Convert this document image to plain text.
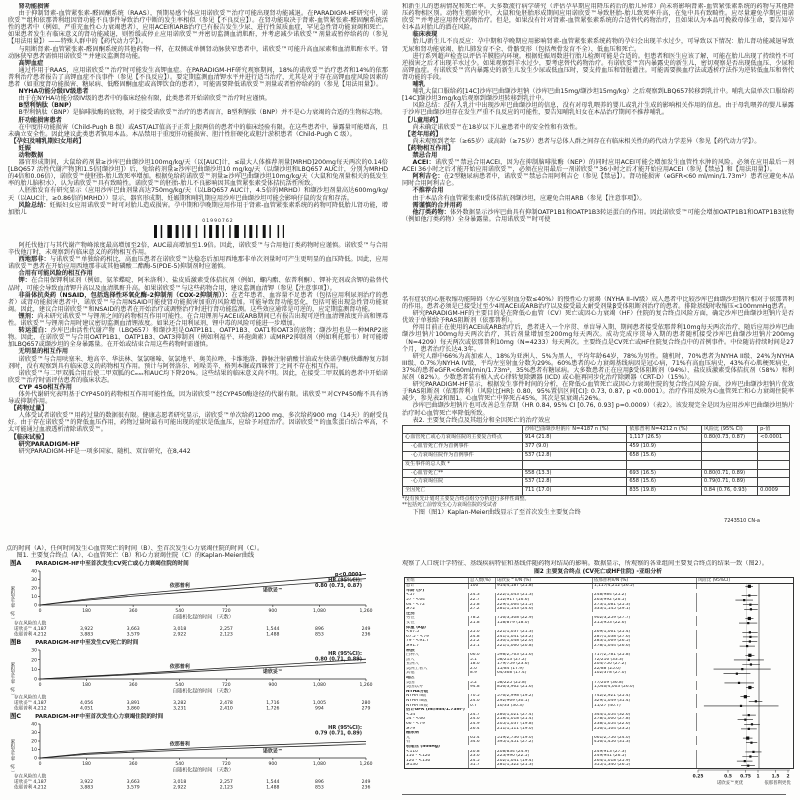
肾功能损害
由于抑制肾素-血管紧张素-醛固酮系统（RAAS），预期易感个体应用诺欣妥™治疗可能出现肾功能减退。在PARADIGM-HF研究中，诺欣妥™组和依那普利组因肾功能不良事件导致治疗中断的发生率相似（参见【不良反应】）。在肾功能取决于肾素-血管紧张素-醛固酮系统活性的患者中（例如，严重充血性心力衰竭患者），应用ACEI和ARB治疗已有报告发生少尿、进行性氮质血症，罕见急性肾功能衰竭和死亡。如果患者发生有临床意义的肾功能减退，则暂缓或停止应用诺欣妥™并密切监测血清肌酐，并考虑减少诺欣妥™剂量或暂停给药的（参见【用法用量】）——特殊人群中的【药代动力学】）。
与阻断肾素-血管紧张素-醛固酮系统的其他药物一样，在双侧或单侧肾动脉狭窄患者中，诺欣妥™可能升高血尿素和血清肌酐水平。肾动脉狭窄患者需慎用诺欣妥™并建议监测肾功能。
高钾血症
通过作用于RAAS，应用诺欣妥™治疗时可能发生高钾血症。在PARADIGM-HF研究观察期间，18%的诺欣妥™治疗患者和14%的依那普利治疗患者报告了高钾血症不良事件（参见【不良反应】）。要定期监测血清钾水平并进行适当治疗，尤其是对于存在高钾血症风险因素的患者（如重度肾功能损害、糖尿病、低醛固酮血症或高钾饮食的患者），可能需要降低诺欣妥™剂量或者暂停给药的（参见【用法用量】）。
NYHA功能分级IV级患者
由于在NYHA功能分级IV级的患者中的临床经验有限，此类患者开始诺欣妥™治疗时应谨慎。
B型利钠肽（BNP）
B型利钠肽（BNP）是脑啡肽酶的底物，对于接受诺欣妥™治疗的患者而言，B型利钠肽（BNP）并不是心力衰竭的合适的生物标志物。
肝功能损害患者
在中度肝功能损害（Child-Pugh B 级）或AST/ALT值高于正常上限两倍的患者中的临床经验有限。在这些患者中，暴露量可能增高，且未确立安全性。因此建议此类患者慎用本品。本品禁用于重度肝功能损害、胆汁性肝硬化或胆汁淤积患者（Child-Pugh C 级）。
【孕妇及哺乳期妇女用药】
妊娠
动物数据
器官形成期间，大鼠给药剂量≥沙库巴曲缬沙坦100mg/kg/天（以[AUC]计，≤最大人体推荐剂量[MRHD]200mg每天两次的0.14倍 [LBQ657 活性代谢产物]和1.5倍[缬沙坦]）后，兔给药剂量≥沙库巴曲缬沙坦10 mg/kg/天（以缬沙坦和LBQ657 AUC计，分别为MRHD的4倍和0.06倍），诺欣妥™使胚胎-胎儿致死率增加。根据兔给药诺欣妥™剂量≥沙库巴曲缬沙坦10mg/kg/天（大鼠和兔剂量相关的低发生率的胎儿脑积水），认为诺欣妥™具有致畸性。诺欣妥™的胚胎-胎儿不良影响因其血管紧张素受体拮抗活性所致。
人胚胎发育有研究显示（应用沙库巴曲剂量高达750mg/kg/天（以LBQ657 AUC计，4.5倍的MRHD）和缬沙坦剂量高达600mg/kg/天（以AUC计，≥0.86倍的MRHD））显示，器官形成期、妊娠期和哺乳期应用沙库巴曲缬沙坦可能会影响仔鼠的发育和存活。
风险总结：妊娠妇女应用诺欣妥™时可对胎儿造成损害。孕中期和孕晚期应用作用于肾素-血管紧张素系统的药物可降低胎儿肾功能，增加胎儿
01990762
阿托伐他汀与其代谢产物峰浓度最高增加至2倍，AUC最高增加至1.9倍。因此，诺欣妥™与合用他汀类药物时应谨慎。诺欣妥™与合用辛伐他汀时，未观察到有临床意义的药物相互作用。
西地那非：与诺欣妥™单独给药相比，高血压患者在诺欣妥™达稳态后加用西地那非单次剂量时可产生更明显的血压降低。因此，应用诺欣妥™患者在开始应用西地那非或其他磷酸二酯酶-5(PDE-5)抑制剂时应谨慎。
合用有可能风险的相互作用
钾：在合用保钾利尿剂（例如，氨苯蝶啶、阿米洛利）、盐皮质激素受体拮抗剂（例如，螺内酯、依普利酮）、钾补充剂或含钾的盐替代品时，可能会导致血清钾升高以及血清肌酐升高。如果诺欣妥™与这些药物合用，建议监测血清钾（参见【注意事项】）。
非甾体抗炎药（NSAID，包括选择性环氧化酶-2抑制剂（COX-2抑制剂））：在老年患者、血容量不足患者（包括应用利尿剂治疗的患者）或肾功能损害患者中，诺欣妥™与合用NSAID可能使肾功能损害加重的风险增加。可能导致肾功能恶化，包括可能出现急性肾功能衰竭。因此，建议合用诺欣妥™和NSAID的患者在开始治疗或调整治疗时进行肾功能监测。这些效应通常是可逆的，应定期监测肾功能。
锂剂：尚未研究诺欣妥™与锂剂之间的药物相互作用可能性。在合用锂剂与ACEI或ARB期间已有报告出现可逆性血清锂浓度升高和锂毒性。诺欣妥™与锂剂合用时建议密切监测血清锂浓度。如果还合用利尿剂，锂中毒的风险可能进一步增加。
转运蛋白：沙库巴曲活性代谢产物（LBQ657）和缬沙坦是OATP1B1、OATP1B3、OAT1和OAT3的底物；缬沙坦也是一种MRP2底物。因此，在诺欣妥™与合用OATP1B1、OATP1B3、OAT3抑制剂（例如利福平、环孢菌素）或MRP2抑制剂（例如利托那韦）时可能增加LBQ657或缬沙坦的全身暴露量。在开始或结束合用这些药物时需谨慎。
无明显的相互作用
诺欣妥™与合用呋塞米、地高辛、华法林、氢氯噻嗪、氨氯地平、奥美拉唑、卡维地洛、静脉注射硝酸甘油或左炔诺孕酮/炔雌醇复方制剂时，没有观察到具有临床意义的药物相互作用。预计与阿替洛尔、吲哚美辛、格列本脲或西咪替丁之间不存在相互作用。
诺欣妥™与二甲双胍合用后使二甲双胍的Cₘₐₓ和AUC均下降20%。这些结果的临床意义尚不明。因此，在接受二甲双胍的患者中开始诺欣妥™治疗时需评估患者的临床状态。
CYP 450相互作用
体外代谢研究表明基于CYP450的药物相互作用可能性低，因为诺欣妥™经CYP450酶途径的代谢有限。诺欣妥™对CYP450酶不具有诱导或抑制作用。
【药物过量】
人体受试者诺欣妥™用药过量的数据很有限。健康志愿者研究显示，诺欣妥™单次给药1200 mg、多次给药900 mg（14天）的耐受良好。由于存在诺欣妥™的降低血压作用，药物过量时最有可能出现的症状是低血压，应给予对症治疗。因诺欣妥™的血浆蛋白结合率高，不太可能通过血液透析清除诺欣妥™。
【临床试验】
研究PARADIGM-HF
研究PARADIGM-HF是一项多国家、随机、双盲研究，在8,442
点的时间（A）、任何时间发生心血管死亡的时间（B）、至首次发生心力衰竭住院的时间（C）。
图1. 主要复合终点（A）、心血管死亡（B）和心力衰竭住院（C）的Kaplan-Meier曲线
图A	PARADIGM-HF中至首次发生CV死亡或心力衰竭住院的时间
累积发生率（%）	0
10
20
30
40
0	180	360	540	720	900	1,080	1,260
自随机化起的时间 （天数）
依那普利
诺欣妥™
p<0.0001
HR (95%CI):
0.80 (0.73, 0.87)
存在风险的人数
诺欣妥™ 4,187	3,922	3,663	3,018	2,257	1,544	896	249
依那普利 4,212	3,883	3,579	2,922	2,123	1,488	853	236
图B	PARADIGM-HF中至发生CV死亡的时间
累积发生率（%）	0
10
20
30
0	180	360	540	720	900	1,080	1,260
自随机化起的时间 （天数）
依那普利
诺欣妥™
HR (95%CI):
0.80 (0.71, 0.89)
存在风险的人数
诺欣妥™ 4,187	4,056	3,891	3,282	2,478	1,716	1,005	280
依那普利 4,212	4,051	3,860	3,231	2,410	1,726	994	279
图C	PARADIGM-HF中至首次发生心力衰竭住院的时间
累积发生率（%）	0
10
20
30
40
0	180	360	540	720	900	1,080	1,260
自随机化起的时间 （天数）
依那普利
诺欣妥™
HR (95%CI):
0.79 (0.71, 0.89)
存在风险的人数
诺欣妥™ 4,187	3,922	3,663	3,018	2,257	1,544	896	249
依那普利 4,212	3,883	3,579	2,922	2,123	1,488	853	236
和新生儿的患病情况和死亡率。大多数流行病学研究（评估孕早期应用降压药后的胎儿异常）尚未将影响肾素-血管紧张素系统的药物与其他降压药物相区别。动物生殖研究中，大鼠和兔胚胎形成期间应用诺欣妥™导致胚胎-胎儿致死率升高，在兔中具有致畸性。应尽量避免孕期应用诺欣妥™并考虑应用替代药物治疗。但是，如果没有针对肾素-血管紧张素系统的合适替代药物治疗，且如果认为本品可挽救母体生命，要告知孕妇本品对胎儿的潜在风险。
临床表现
胎儿/新生儿不良反应：孕中期和孕晚期应用影响肾素-血管紧张素系统药物的孕妇会出现羊水过少，可导致以下情况：胎儿肾功能减退导致无尿和肾功能衰竭、胎儿肺发育不全、骨骼变形（包括颅骨发育不全）、低血压和死亡。
进行系列超声检查以评估羊膜腔内环境。根据妊娠周数进行胎儿检测可能是合适的。但患者和医生应该了解，可能在胎儿出现了持续性不可逆损害之后才出现羊水过少。如果观察到羊水过少，要考虑替代药物治疗。有诺欣妥™宫内暴露史的新生儿，密切观察是否出现低血压、少尿和高钾血症。有诺欣妥™宫内暴露史的新生儿发生少尿或低血压时，要支持血压和肾脏灌注。可能需要换血疗法或透析疗法作为逆转低血压和替代肾功能的手段。
哺乳
哺乳大鼠口服给药[14C]沙库巴曲缬沙坦钠（沙库巴曲15mg/缬沙坦15mg/kg）之后观察到LBQ657转移到乳汁中。哺乳大鼠单次口服给药[14C]缬沙坦3mg/kg后观察到缬沙坦转移到乳汁中。
风险总结：没有人乳汁中出现沙库巴曲缬沙坦的信息，没有对母乳喂养的婴儿或乳汁生成的影响相关作用的信息。由于母乳喂养的婴儿暴露于沙库巴曲缬沙坦存在发生严重不良反应的可能性，要告知哺乳妇女在本品治疗期间不推荐哺乳。
【儿童用药】
尚未确定诺欣妥™在18岁以下儿童患者中的安全性和有效性。
【老年用药】
尚未观察到老年（≥65岁）或高龄（≥75岁）患者与总体人群之间存在有临床相关性的药代动力学差异（参见【药代动力学】）。
【药物相互作用】
禁忌合用
ACEI：诺欣妥™禁忌合用ACEI，因为在抑制脑啡肽酶（NEP）的同时应用ACEI可能会增加发生血管性水肿的风险。必须在应用最后一剂ACEI 36小时之后才能开始应用诺欣妥™，必须在应用最后一剂诺欣妥™36小时之后才能开始应用ACEI（参见【禁忌】和【用法用量】）。
阿利吉仑：在2型糖尿病患者中，诺欣妥™禁忌合用阿利吉仑（参见【禁忌】）。肾功能损害（eGFR<60 ml/min/1.73m²）患者应避免本品同时合用阿利吉仑。
不推荐合用
由于本品含有血管紧张素II受体拮抗剂缬沙坦，应避免合用ARB（参见【注意事项】）。
需谨慎的合并用药
他汀类药物：体外数据显示沙库巴曲具有抑制OATP1B1和OATP1B3转运蛋白的作用。因此诺欣妥™可能会增加OATP1B1和OATP1B3底物（例如他汀类药物）全身暴露量。合用诺欣妥™时可使
名有症状的心脏收缩功能障碍（左心室射血分数≤40%）的慢性心力衰竭（NYHA II–IV级）成人患者中比较沙库巴曲缬沙坦钠片相对于依那普利的作用。患者必须是已接受过至少4周ACEI或ARB治疗以及接受最大耐受剂量β受体阻断剂治疗的患者。排除基线时收缩压<100mmHg患者。
研究PARADIGM-HF的主要目的是在降低心血管（CV）死亡或因心力衰竭（HF）住院的复合终点风险方面，确定沙库巴曲缬沙坦钠片是否优效于单独给予RAS阻断剂（依那普利）。
停用目前正在使用的ACEI或ARB治疗后，患者进入一个序贯、单盲导入期，期间患者接受依那普利10mg每天两次治疗，随后应用沙库巴曲缬沙坦钠片100mg每天两次治疗，其后剂量增加至200mg每天两次。成功完成序贯导入期的患者随机接受沙库巴曲缬沙坦钠片200mg（N=4209）每天两次或依那普利10mg（N=4233）每天两次。主要终点是CV死亡或HF住院复合终点中的首例事件。中位随访持续时间是27个月，患者治疗长达4.3年。
研究人群中66%为高加索人、18%为亚洲人、5%为黑人，平均年龄64岁，78%为男性。随机时，70%患者为NYHA II级、24%为NYHA III级、0.7%为NYHA IV级，平均左室射血分数为29%。60%患者的心力衰竭基线病因是冠心病，71%有高血压病史，43%有心肌梗死病史，37%的患者eGFR<60ml/min/1.73m²，35%患者有糖尿病。大多数患者正在应用β受体阻断剂（94%）、盐皮质激素受体拮抗剂（58%）和利尿剂（82%）。少数患者装有植入式心律转复除颤器 (ICD) 或心脏再同步化治疗除颤器（CRT-D）（15%）。
研究PARADIGM-HF显示，根据发生事件时间的分析，在降低心血管死亡或因心力衰竭住院的复合终点风险方面，沙库巴曲缬沙坦钠片优效于RAS阻断剂（依那普利）（风险比[HR]: 0.80，95%置信区间[CI]: 0.73, 0.87, p <0.0001）。治疗作用反映为心血管死亡和心力衰竭住院率减少，参见表2和图1。心血管死亡中猝死占45%，其次是泵衰竭占26%。
沙库巴曲缬沙坦钠片也可改善总生存期（HR 0.84, 95% CI [0.76, 0.93] p=0.0009）（表2）。该发现完全是因为应用沙库巴曲缬沙坦钠片治疗时心血管死亡率降低所致。
表2. 主要复合终点及其组分和全因死亡的治疗效应
	沙库巴曲缬沙坦钠片 N=4187 n (%)	依那普利 N=4212 n (%)	风险比 (95% CI)	p-值
心血管死亡或心力衰竭住院的主要复合终点	914 (21.8)	1,117 (26.5)	0.80(0.73, 0.87)	<0.0001
·心血管死亡作为首例事件	377 (9.0)	459 (10.9)		
·心力衰竭住院作为首例事件	537 (12.8)	658 (15.6)		
发生事件的总人数 *				
·心血管死亡**	558 (13.3)	693 (16.5)	0.80(0.71, 0.89)	
·心力衰竭住院	537 (12.8)	658 (15.6)	0.79(0.71, 0.89)	
全因死亡	711 (17.0)	835 (19.8)	0.84 (0.76, 0.93)	0.0009
*没有预先计划对主要复合终点组分分析进行多样性调整。
**包括死亡前曾发生心力衰竭住院的受试者
下图（图1）Kaplan-Meier曲线显示了至首次发生主要复合终
7243510 CN-a
观察了人口统计学特征、基线疾病特征和基线伴随药物对结局的影响。数据显示，所观察的各亚组间主要复合终点的结果一致（图2）。
图2 主要复合终点 (CV死亡或HF住院) -亚组分析
亚组	总人数(%)	诺欣妥™n/N (%)	依那普利n/N (%)	风险比 (95%CI)
总计	100	914/4,187 (21.8)	1,117/4,212 (26.5)
年龄 (岁)
<57	24.3	222/1,043 (21.3)	248/984 (25.2)
57 - <64	22.7	152/917 (16.6)	263/992 (26.5)
64 - <72	25.8	229/1,064 (21.5)	273/1,081 (25.3)
≥72	27.2	281/1,143 (24.6)	333/1,145 (29.1)
性别
男性	78.2	756/3,308 (22.9)	902/3,259 (27.7)
女性	21.8	158/879 (18.0)	215/953 (22.6)
体重 (kg)
<67.5	25.0	221/1,037 (21.3)	269/1,061 (25.4)
67.5 - <79	24.8	241/1,041 (23.2)	287/1,038 (27.6)
79 - <91.7	25.2	230/1,048 (22.0)	283/1,069 (26.5)
≥91.7	25.1	221/1,060 (20.8)	278/1,044 (26.6)
种族
白种人	66.0	598/2,763 (21.6)	717/2,781 (25.8)
黑人	5.1	58/213 (27.2)	72/216 (33.3)
亚洲人	18.0	179/759 (23.6)	204/750 (27.2)
美洲土著人	2.0	15/84 (17.9)	22/88 (25.0)
其他	8.9	64/368 (17.4)	102/378 (27.0)
地区
美国	5.2	58/225 (25.8)	77/209 (36.8)
美国以外	94.8	856/3,962 (21.6)	1,040/4,003 (26.0)
NYHA分级
NYHA II级	70.5	576/2,998 (19.2)	742/2,921 (25.4)
NYHA III级	24.0	292/969 (30.1)	329/1,049 (31.4)
NYHA IV级	0.7	10/33 (30.3)	11/27 (40.7)
估计GFR (ml/min/1.73m²)
<54	24.7	280/1,021 (27.4)	344/1,054 (32.6)
54 - <66	24.0	218/1,018 (21.4)	278/1,000 (27.8)
66 - <79	24.9	205/1,037 (19.8)	238/1,054 (22.6)
≥79	26.4	211/1,111 (19.0)	256/1,104 (23.2)
糖尿病
无	65.4	519/2,736 (19.0)	661/2,756 (24.0)
有	34.6	395/1,451 (27.2)	456/1,456 (31.3)
收缩压 (mmHg)
<110	20.8	208/834 (24.9)	249/913 (27.3)
110 - <120	23.0	223/990 (22.5)	249/941 (26.5)
120 - <130	24.5	202/1,041 (19.4)	264/1,018 (25.9)
≥130	31.7	281/1,322 (21.3)	355/1,340 (26.5)
0.25	0.5 0.75 1	1.5 2
诺欣妥™更优	依那普利更优
